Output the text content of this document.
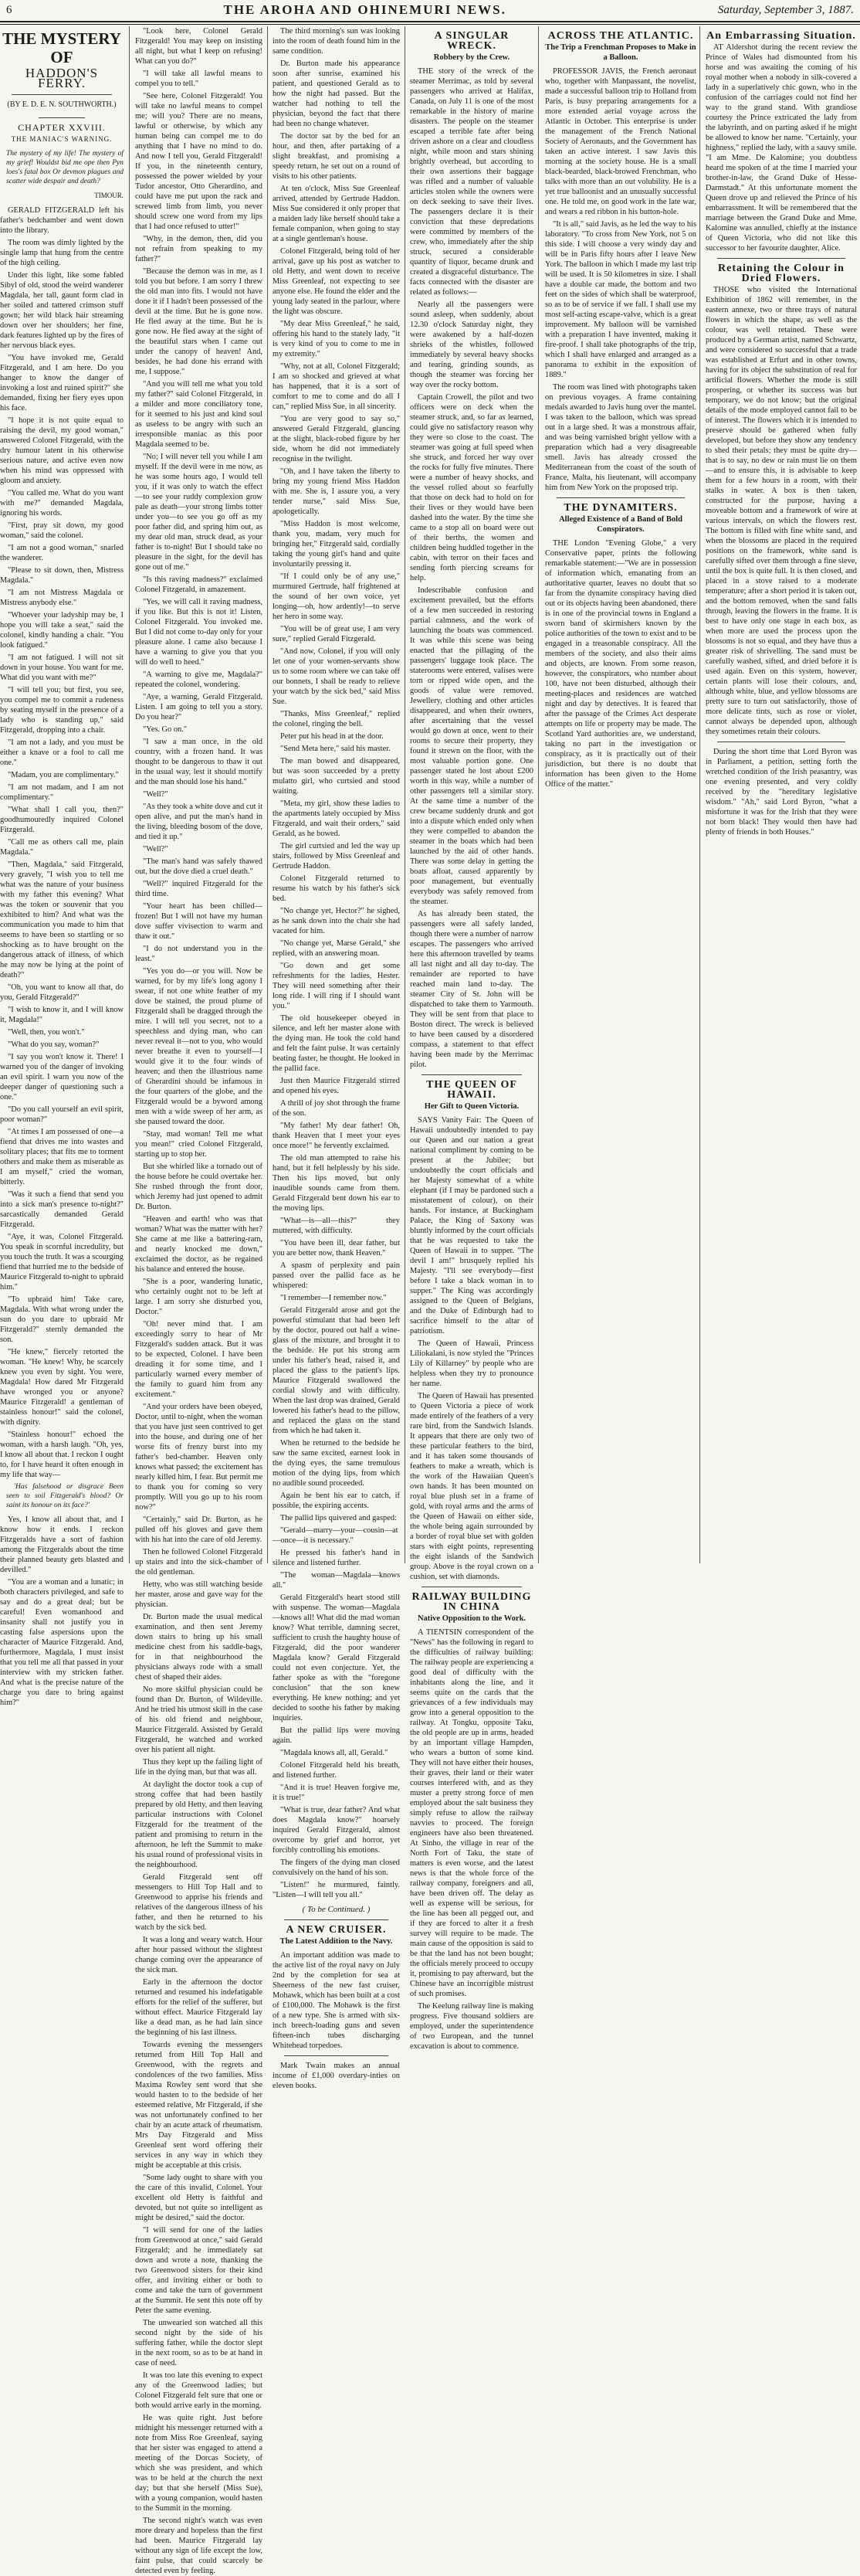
6	THE AROHA AND OHINEMURI NEWS.	Saturday, September 3, 1887.
THE MYSTERY OF
HADDON'S FERRY.
(BY E. D. E. N. SOUTHWORTH.)
CHAPTER XXVIII.
THE MANIAC'S WARNING.
The mystery of my life! The mystery of my grief! Wouldst bid me ope then Pyn loes's fatal box Or devmon plagues and scatter wide despair and death?
TIMOUR.

GERALD FITZGERALD left his father's bedchamber and went down into the library.

The room was dimly lighted by the single lamp that hung from the centre of the high ceiling.

Under this light, like some fabled Sibyl of old, stood the weird wanderer Magdala, her tall, gaunt form clad in her soiled and tattered crimson stuff gown; her wild black hair streaming down over her shoulders; her fine, dark features lighted up by the fires of her nervous black eyes.

"You have invoked me, Gerald Fitzgerald, and I am here. Do you hanger to know the danger of invoking a lost and ruined spirit?" she demanded, fixing her fiery eyes upon his face.

"I hope it is not quite equal to raising the devil, my good woman," answered Colonel Fitzgerald, with the dry humour latent in his otherwise serious nature, and active even now when his mind was oppressed with gloom and anxiety.

"You called me. What do you want with me?" demanded Magdala, ignoring his words.

"First, pray sit down, my good woman," said the colonel.

"I am not a good woman," snarled the wanderer.

"Please to sit down, then, Mistress Magdala."

"I am not Mistress Magdala or Mistress anybody else."

"Whoever your ladyship may be, I hope you will take a seat," said the colonel, kindly handing a chair. "You look fatigued."

"I am not fatigued. I will not sit down in your house. You want for me. What did you want with me?"

"I will tell you; but first, you see, you compel me to commit a rudeness by seating myself in the presence of a lady who is standing up," said Fitzgerald, dropping into a chair.

"I am not a lady, and you must be either a knave or a fool to call me one."

"Madam, you are complimentary."

"I am not madam, and I am not complimentary."

"What shall I call you, then?" goodhumouredly inquired Colonel Fitzgerald.

"Call me as others call me, plain Magdala."

"Then, Magdala," said Fitzgerald, very gravely, "I wish you to tell me what was the nature of your business with my father this evening? What was the token or souvenir that you exhibited to him? And what was the communication you made to him that seems to have been so startling or so shocking as to have brought on the dangerous attack of illness, of which he may now be lying at the point of death?"

"Oh, you want to know all that, do you, Gerald Fitzgerald?"

"I wish to know it, and I will know it, Magdala!"

"Well, then, you won't."

"What do you say, woman?"

"I say you won't know it. There! I warned you of the danger of invoking an evil spirit. I warn you now of the deeper danger of questioning such a one."

"Do you call yourself an evil spirit, poor woman?"

"At times I am possessed of one—a fiend that drives me into wastes and solitary places; that fits me to torment others and make them as miserable as I am myself," cried the woman, bitterly.

"Was it such a fiend that send you into a sick man's presence to-night?" sarcastically demanded Gerald Fitzgerald.

"Aye, it was, Colonel Fitzgerald. You speak in scornful incredulity, but you touch the truth. It was a scourging fiend that hurried me to the bedside of Maurice Fitzgerald to-night to upbraid him."

"To upbraid him! Take care, Magdala. With what wrong under the sun do you dare to upbraid Mr Fitzgerald?" sternly demanded the son.

"He knew," fiercely retorted the woman. "He knew! Why, he scarcely knew you even by sight. You were, Magdala! How dared Mr Fitzgerald have wronged you or anyone? Maurice Fitzgerald! a gentleman of stainless honour!" said the colonel, with dignity.

"Stainless honour!" echoed the woman, with a harsh laugh. "Oh, yes, I know all about that. I reckon I ought to, for I have heard it often enough in my life that way—

'Has falsehood or disgrace Been seen to soil Fitzgerald's blood? Or saint its honour on its face?'

Yes, I know all about that, and I know how it ends. I reckon Fitzgeralds have a sort of fashion among the Fitzgeralds about the time their planned beauty gets blasted and devilled."

"You are a woman and a lunatic; in both characters privileged, and safe to say and do a great deal; but be careful! Even womanhood and insanity shall not justify you in casting false aspersions upon the character of Maurice Fitzgerald. And, furthermore, Magdala, I must insist that you tell me all that passed in your interview with my stricken father. And what is the precise nature of the charge you dare to bring against him?"

"Look here, Colonel Gerald Fitzgerald! You may keep on insisting all night, but what I keep on refusing! What can you do?"

"I will take all lawful means to compel you to tell."

"See here, Colonel Fitzgerald! You will take no lawful means to compel me; will you? There are no means, lawful or otherwise, by which any human being can compel me to do anything that I have no mind to do. And now I tell you, Gerald Fitzgerald! If you, in the nineteenth century, possessed the power wielded by your Tudor ancestor, Otto Gherardino, and could have me put upon the rack and screwed limb from limb, you never should screw one word from my lips that I had once refused to utter!"

"Why, in the demon, then, did you not refrain from speaking to my father?"

"Because the demon was in me, as I told you but before. I am sorry I threw the old man into fits. I would not have done it if I hadn't been possessed of the devil at the time. But he is gone now. He fled away at the time. But he is gone now. He fled away at the sight of the beautiful stars when I came out under the canopy of heaven! And, besides, he had done his errand with me, I suppose."

"And you will tell me what you told my father?" said Colonel Fitzgerald, in a milder and more conciliatory tone, for it seemed to his just and kind soul as useless to be angry with such an irresponsible maniac as this poor Magdala seemed to be.

"No; I will never tell you while I am myself. If the devil were in me now, as he was some hours ago, I would tell you, if it was only to watch the effect—to see your ruddy complexion grow pale as death—your strong limbs totter under you—to see you go off as my poor father did, and spring him out, as my dear old man, struck dead, as your father is to-night! But I should take no pleasure in the sight, for the devil has gone out of me."

"Is this raving madness?" exclaimed Colonel Fitzgerald, in amazement.

"Yes, we will call it raving madness, if you like. But this is not it! Listen, Colonel Fitzgerald. You invoked me. But I did not come to-day only for your pleasure alone. I came also because I have a warning to give you that you will do well to heed."

"A warning to give me, Magdala?" repeated the colonel, wondering.

"Aye, a warning, Gerald Fitzgerald. Listen. I am going to tell you a story. Do you hear?"

"Yes. Go on."

"I saw a man once, in the old country, with a frozen hand. It was thought to be dangerous to thaw it out in the usual way, lest it should mortify and the man should lose his hand."

"Well?"

"As they took a white dove and cut it open alive, and put the man's hand in the living, bleeding bosom of the dove, and tied it up."

"Well?"

"The man's hand was safely thawed out, but the dove died a cruel death."

"Well?" inquired Fitzgerald for the third time.

"Your heart has been chilled—frozen! But I will not have my human dove suffer vivisection to warm and thaw it out."

"I do not understand you in the least."

"Yes you do—or you will. Now be warned, for by my life's long agony I swear, if not one white feather of my dove be stained, the proud plume of Fitzgerald shall be dragged through the mire. I will tell you secret, not to a speechless and dying man, who can never reveal it—not to you, who would never breathe it even to yourself—I would give it to the four winds of heaven; and then the illustrious name of Gherardini should be infamous in the four quarters of the globe, and the Fitzgerald would be a byword among men with a wide sweep of her arm, as she paused toward the door.

"Stay, mad woman! Tell me what you mean!" cried Colonel Fitzgerald, starting up to stop her.

But she whirled like a tornado out of the house before he could overtake her. She rushed through the front door, which Jeremy had just opened to admit Dr. Burton.

"Heaven and earth! who was that woman? What was the matter with her? She came at me like a battering-ram, and nearly knocked me down," exclaimed the doctor, as he regained his balance and entered the house.

"She is a poor, wandering lunatic, who certainly ought not to be left at large. I am sorry she disturbed you, Doctor."

"Oh! never mind that. I am exceedingly sorry to hear of Mr Fitzgerald's sudden attack. But it was to be expected, Colonel. I have been dreading it for some time, and I particularly warned every member of the family to guard him from any excitement."

"And your orders have been obeyed, Doctor, until to-night, when the woman that you have just seen contrived to get into the house, and during one of her worse fits of frenzy burst into my father's bed-chamber. Heaven only knows what passed; the excitement has nearly killed him, I fear. But permit me to thank you for coming so very promptly. Will you go up to his room now?"

"Certainly," said Dr. Burton, as he pulled off his gloves and gave them with his hat into the care of old Jeremy.

Then he followed Colonel Fitzgerald up stairs and into the sick-chamber of the old gentleman.

Hetty, who was still watching beside her master, arose and gave way for the physician.

Dr. Burton made the usual medical examination, and then sent Jeremy down stairs to bring up his small medicine chest from his saddle-bags, for in that neighbourhood the physicians always rode with a small chest of shaped their aides.

No more skilful physician could be found than Dr. Burton, of Wildeville. And he tried his utmost skill in the case of his old friend and neighbour, Maurice Fitzgerald. Assisted by Gerald Fitzgerald, he watched and worked over his patient all night.

Thus they kept up the failing light of life in the dying man, but that was all.

At daylight the doctor took a cup of strong coffee that had been hastily prepared by old Hetty, and then leaving particular instructions with Colonel Fitzgerald for the treatment of the patient and promising to return in the afternoon, he left the Summit to make his usual round of professional visits in the neighbourhood.

Gerald Fitzgerald sent off messengers to Hill Top Hall and to Greenwood to apprise his friends and relatives of the dangerous illness of his father, and then he returned to his watch by the sick bed.

It was a long and weary watch. Hour after hour passed without the slightest change coming over the appearance of the sick man.

Early in the afternoon the doctor returned and resumed his indefatigable efforts for the relief of the sufferer, but without effect. Maurice Fitzgerald lay like a dead man, as he had lain since the beginning of his last illness.

Towards evening the messengers returned from Hill Top Hall and Greenwood, with the regrets and condolences of the two families. Miss Maxima Rowley sent word that she would hasten to to the bedside of her esteemed relative, Mr Fitzgerald, if she was not unfortunately confined to her chair by an acute attack of rheumatism. Mrs Day Fitzgerald and Miss Greenleaf sent word offering their services in any way in which they might be acceptable at this crisis.

"Some lady ought to share with you the care of this invalid, Colonel. Your excellent old Hetty is faithful and devoted, but not quite so intelligent as might be desired," said the doctor.

"I will send for one of the ladies from Greenwood at once," said Gerald Fitzgerald; and he immediately sat down and wrote a note, thanking the two Greenwood sisters for their kind offer, and inviting either or both to come and take the turn of government at the Summit. He sent this note off by Peter the same evening.

The unwearied son watched all this second night by the side of his suffering father, while the doctor slept in the next room, so as to be at hand in case of need.

It was too late this evening to expect any of the Greenwood ladies; but Colonel Fitzgerald felt sure that one or both would arrive early in the morning.

He was quite right. Just before midnight his messenger returned with a note from Miss Roe Greenleaf, saying that her sister was engaged to attend a meeting of the Dorcas Society, of which she was president, and which was to be held at the church the next day; but that she herself (Miss Sue), with a young companion, would hasten to the Summit in the morning.

The second night's watch was even more dreary and hopeless than the first had been. Maurice Fitzgerald lay without any sign of life except the low, faint pulse, that could scarcely be detected even by feeling.

The third morning's sun was looking into the room of death found him in the same condition.

Dr. Burton made his appearance soon after sunrise, examined his patient, and questioned Gerald as to how the night had passed. But the watcher had nothing to tell the physician, beyond the fact that there had been no change whatever.

The doctor sat by the bed for an hour, and then, after partaking of a slight breakfast, and promising a speedy return, he set out on a round of visits to his other patients.

At ten o'clock, Miss Sue Greenleaf arrived, attended by Gertrude Haddon. Miss Sue considered it only proper that a maiden lady like herself should take a female companion, when going to stay at a single gentleman's house.

Colonel Fitzgerald, being told of her arrival, gave up his post as watcher to old Hetty, and went down to receive Miss Greenleaf, not expecting to see anyone else. He found the elder and the young lady seated in the parlour, where the light was obscure.

"My dear Miss Greenleaf," he said, offering his hand to the stately lady, "it is very kind of you to come to me in my extremity."

"Why, not at all, Colonel Fitzgerald; I am so shocked and grieved at what has happened, that it is a sort of comfort to me to come and do all I can," replied Miss Sue, in all sincerity.

"You are very good to say so," answered Gerald Fitzgerald, glancing at the slight, black-robed figure by her side, whom he did not immediately recognise in the twilight.

"Oh, and I have taken the liberty to bring my young friend Miss Haddon with me. She is, I assure you, a very tender nurse," said Miss Sue, apologetically.

"Miss Haddon is most welcome, thank you, madam, very much for bringing her," Fitzgerald said, cordially taking the young girl's hand and quite involuntarily pressing it.

"If I could only be of any use," murmured Gertrude, half frightened at the sound of her own voice, yet longing—oh, how ardently!—to serve her hero in some way.

"You will be of great use, I am very sure," replied Gerald Fitzgerald.

"And now, Colonel, if you will only let one of your women-servants show us to some room where we can take off our bonnets, I shall be ready to relieve your watch by the sick bed," said Miss Sue.

"Thanks, Miss Greenleaf," replied the colonel, ringing the bell.

Peter put his head in at the door.

"Send Meta here," said his master.

The man bowed and disappeared, but was soon succeeded by a pretty mulatto girl, who curtsied and stood waiting.

"Meta, my girl, show these ladies to the apartments lately occupied by Miss Fitzgerald, and wait their orders," said Gerald, as he bowed.

The girl curtsied and led the way up stairs, followed by Miss Greenleaf and Gertrude Haddon.

Colonel Fitzgerald returned to resume his watch by his father's sick bed.

"No change yet, Hector?" he sighed, as he sank down into the chair she had vacated for him.

"No change yet, Marse Gerald," she replied, with an answering moan.

"Go down and get some refreshments for the ladies, Hester. They will need something after their long ride. I will ring if I should want you."

The old housekeeper obeyed in silence, and left her master alone with the dying man. He took the cold hand and felt the faint pulse. It was certainly beating faster, he thought. He looked in the pallid face.

Just then Maurice Fitzgerald stirred and opened his eyes.

A thrill of joy shot through the frame of the son.

"My father! My dear father! Oh, thank Heaven that I meet your eyes once more!" he fervently exclaimed.

The old man attempted to raise his hand, but it fell helplessly by his side. Then his lips moved, but only inaudible sounds came from them. Gerald Fitzgerald bent down his ear to the moving lips.

"What—is—all—this?" they muttered, with difficulty.

"You have been ill, dear father, but you are better now, thank Heaven."

A spasm of perplexity and pain passed over the pallid face as he whispered:

"I remember—I remember now."

Gerald Fitzgerald arose and got the powerful stimulant that had been left by the doctor, poured out half a wine-glass of the mixture, and brought it to the bedside. He put his strong arm under his father's head, raised it, and placed the glass to the patient's lips. Maurice Fitzgerald swallowed the cordial slowly and with difficulty. When the last drop was drained, Gerald lowered his father's head to the pillow, and replaced the glass on the stand from which he had taken it.

When he returned to the bedside he saw the same excited, earnest look in the dying eyes, the same tremulous motion of the dying lips, from which no audible sound proceeded.

Again he bent his ear to catch, if possible, the expiring accents.

The pallid lips quivered and gasped:

"Gerald—marry—your—cousin—at—once—it is necessary."

He pressed his father's hand in silence and listened further.

"The woman—Magdala—knows all."

Gerald Fitzgerald's heart stood still with suspense. The woman—Magdala—knows all! What did the mad woman know? What terrible, damning secret, sufficient to crush the haughty house of Fitzgerald, did the poor wanderer Magdala know? Gerald Fitzgerald could not even conjecture. Yet, the father spoke as with the "foregone conclusion" that the son knew everything. He knew nothing; and yet decided to soothe his father by making inquiries.

But the pallid lips were moving again.

"Magdala knows all, all, Gerald."

Colonel Fitzgerald held his breath, and listened further.

"And it is true! Heaven forgive me, it is true!"

"What is true, dear father? And what does Magdala know?" hoarsely inquired Gerald Fitzgerald, almost overcome by grief and horror, yet forcibly controlling his emotions.

The fingers of the dying man closed convulsively on the hand of his son.

"Listen!" he murmured, faintly. "Listen—I will tell you all."

( To be Continued. )
A NEW CRUISER.
The Latest Addition to the Navy.

An important addition was made to the active list of the royal navy on July 2nd by the completion for sea at Sheerness of the new fast cruiser, Mohawk, which has been built at a cost of £100,000. The Mohawk is the first of a new type. She is armed with six-inch breech-loading guns and seven fifteen-inch tubes discharging Whitehead torpedoes.

Mark Twain makes an annual income of £1,000 overdary-inties on eleven books.

A SINGULAR WRECK.
Robbery by the Crew.

THE story of the wreck of the steamer Merrimac, as told by several passengers who arrived at Halifax, Canada, on July 11 is one of the most remarkable in the history of marine disasters. The people on the steamer escaped a terrible fate after being driven ashore on a clear and cloudless night, while moon and stars shining brightly overhead, but according to their own assertions their baggage was rifled and a number of valuable articles stolen while the owners were on deck seeking to save their lives. The passengers declare it is their conviction that these depredations were committed by members of the crew, who, immediately after the ship struck, secured a considerable quantity of liquor, became drunk and created a disgraceful disturbance. The facts connected with the disaster are related as follows:—

Nearly all the passengers were sound asleep, when suddenly, about 12.30 o'clock Saturday night, they were awakened by a half-dozen shrieks of the whistles, followed immediately by several heavy shocks and tearing, grinding sounds, as though the steamer was forcing her way over the rocky bottom.

Captain Crowell, the pilot and two officers were on deck when the steamer struck, and, so far as learned, could give no satisfactory reason why they were so close to the coast. The steamer was going at full speed when she struck, and forced her way over the rocks for fully five minutes. There were a number of heavy shocks, and the vessel rolled about so fearfully that those on deck had to hold on for their lives or they would have been dashed into the water. By the time she came to a stop all on board were out of their berths, the women and children being huddled together in the cabin, with terror on their faces and sending forth piercing screams for help.

Indescribable confusion and excitement prevailed, but the efforts of a few men succeeded in restoring partial calmness, and the work of launching the boats was commenced. It was while this scene was being enacted that the pillaging of the passengers' luggage took place. The staterooms were entered, valises were torn or ripped wide open, and the goods of value were removed. Jewellery, clothing and other articles disappeared, and when their owners, after ascertaining that the vessel would go down at once, went to their rooms to secure their property, they found it strewn on the floor, with the most valuable portion gone. One passenger stated he lost about £200 worth in this way, while a number of other passengers tell a similar story. At the same time a number of the crew became suddenly drunk and got into a dispute which ended only when they were compelled to abandon the steamer in the boats which had been launched by the aid of other hands. There was some delay in getting the boats afloat, caused apparently by poor management, but eventually everybody was safely removed from the steamer.

As has already been stated, the passengers were all safely landed, though there were a number of narrow escapes. The passengers who arrived here this afternoon travelled by teams all last night and all day to-day. The remainder are reported to have reached main land to-day. The steamer City of St. John will be dispatched to take them to Yarmouth. They will be sent from that place to Boston direct. The wreck is believed to have been caused by a disordered compass, a statement to that effect having been made by the Merrimac pilot.

THE QUEEN OF HAWAII.
Her Gift to Queen Victoria.

SAYS Vanity Fair: The Queen of Hawaii undoubtedly intended to pay our Queen and our nation a great national compliment by coming to be present at the Jubilee; but undoubtedly the court officials and her Majesty somewhat of a white elephant (if I may be pardoned such a misstatement of colour), on their hands. For instance, at Buckingham Palace, the King of Saxony was bluntly informed by the court officials that he was requested to take the Queen of Hawaii in to supper. "The devil I am!" brusquely replied his Majesty. "I'll see everybody—first before I take a black woman in to supper." The King was accordingly assigned to the Queen of Belgians, and the Duke of Edinburgh had to sacrifice himself to the altar of patriotism.

The Queen of Hawaii, Princess Liliokalani, is now styled the "Princes Lily of Killarney" by people who are helpless when they try to pronounce her name.

The Queen of Hawaii has presented to Queen Victoria a piece of work made entirely of the feathers of a very rare bird, from the Sandwich Islands. It appears that there are only two of these particular feathers to the bird, and it has taken some thousands of feathers to make a wreath, which is the work of the Hawaiian Queen's own hands. It has been mounted on royal blue plush set in a frame of gold, with royal arms and the arms of the Queen of Hawaii on either side, the whole being again surrounded by a border of royal blue set with golden stars with eight points, representing the eight islands of the Sandwich group. Above is the royal crown on a cushion, set with diamonds.

RAILWAY BUILDING IN CHINA
Native Opposition to the Work.

A TIENTSIN correspondent of the "News" has the following in regard to the difficulties of railway building: The railway people are experiencing a good deal of difficulty with the inhabitants along the line, and it seems quite on the cards that the grievances of a few individuals may grow into a general opposition to the railway. At Tongku, opposite Taku, the old people are up in arms, headed by an important village Hampden, who wears a button of some kind. They will not have either their houses, their graves, their land or their water courses interfered with, and as they muster a pretty strong force of men employed about the salt business they simply refuse to allow the railway navvies to proceed. The foreign engineers have also been threatened. At Sinho, the village in rear of the North Fort of Taku, the state of matters is even worse, and the latest news is that the whole force of the railway company, foreigners and all, have been driven off. The delay as well as expense will be serious, for the line has been all pegged out, and if they are forced to alter it a fresh survey will require to be made. The main cause of the opposition is said to be that the land has not been bought; the officials merely proceed to occupy it, promising to pay afterward, but the Chinese have an incorrigible mistrust of such promises.

The Keelung railway line is making progress. Five thousand soldiers are employed, under the superintendence of two European, and the tunnel excavation is about to commence.

ACROSS THE ATLANTIC.
The Trip a Frenchman Proposes to Make in a Balloon.

PROFESSOR JAVIS, the French aeronaut who, together with Manpassant, the novelist, made a successful balloon trip to Holland from Paris, is busy preparing arrangements for a more extended aerial voyage across the Atlantic in October. This enterprise is under the management of the French National Society of Aeronauts, and the Government has taken an active interest. I saw Javis this morning at the society house. He is a small black-bearded, black-browed Frenchman, who talks with more than an out volubility. He is a yet true balloonist and an unusually successful one. He told me, on good work in the late war, and wears a red ribbon in his button-hole.

"It is all," said Javis, as he led the way to his laboratory. "To cross from New York, not 5 on this side. I will choose a very windy day and will be in Paris fifty hours after I leave New York. The balloon in which I made my last trip will be used. It is 50 kilometres in size. I shall have a double car made, the bottom and two feet on the sides of which shall be waterproof, so as to be of service if we fall. I shall use my most self-acting escape-valve, which is a great improvement. My balloon will be varnished with a preparation I have invented, making it fire-proof. I shall take photographs of the trip, which I shall have enlarged and arranged as a panorama to exhibit in the exposition of 1889."

The room was lined with photographs taken on previous voyages. A frame containing medals awarded to Javis hung over the mantel. I was taken to the balloon, which was spread out in a large shed. It was a monstrous affair, and was being varnished bright yellow with a preparation which had a very disagreeable smell. Javis has already crossed the Mediterranean from the coast of the south of France, Malta, his lieutenant, will accompany him from New York on the proposed trip.

THE DYNAMITERS.
Alleged Existence of a Band of Bold Conspirators.

THE London "Evening Globe," a very Conservative paper, prints the following remarkable statement:—"We are in possession of information which, emanating from an authoritative quarter, leaves no doubt that so far from the dynamite conspiracy having died out or its objects having been abandoned, there is in one of the provincial towns in England a sworn band of skirmishers known by the police authorities of the town to exist and to be engaged in a treasonable conspiracy. All the members of the society, and also their aims and objects, are known. From some reason, however, the conspirators, who number about 100, have not been disturbed, although their meeting-places and residences are watched night and day by detectives. It is feared that after the passage of the Crimes Act desperate attempts on life or property may be made. The Scotland Yard authorities are, we understand, taking no part in the investigation or conspiracy, as it is practically out of their jurisdiction, but there is no doubt that information has been given to the Home Office of the matter."

An Embarrassing Situation.

AT Aldershot during the recent review the Prince of Wales had dismounted from his horse and was awaiting the coming of his royal mother when a nobody in silk-covered a lady in a superlatively chic gown, who in the confusion of the carriages could not find her way to the grand stand. With grandiose courtesy the Prince extricated the lady from the labyrinth, and on parting asked if he might be allowed to know her name. "Certainly, your highness," replied the lady, with a sauvy smile. "I am Mme. De Kalomine; you doubtless heard me spoken of at the time I married your brother-in-law, the Grand Duke of Hesse-Darmstadt." At this unfortunate moment the Queen drove up and relieved the Prince of his embarrassment. It will be remembered that the marriage between the Grand Duke and Mme. Kalomine was annulled, chiefly at the instance of Queen Victoria, who did not like this successor to her favourite daughter, Alice.

Retaining the Colour in Dried Flowers.

THOSE who visited the International Exhibition of 1862 will remember, in the eastern annexe, two or three trays of natural flowers in which the shape, as well as the colour, was well retained. These were produced by a German artist, named Schwartz, and were considered so successful that a trade was established at Erfurt and in other towns, having for its object the substitution of real for artificial flowers. Whether the mode is still prospering, or whether its success was but temporary, we do not know; but the original details of the mode employed cannot fail to be of interest. The flowers which it is intended to preserve should be gathered when fully developed, but before they show any tendency to shed their petals; they must be quite dry—that is to say, no dew or rain must lie on them—and to ensure this, it is advisable to keep them for a few hours in a room, with their stalks in water. A box is then taken, constructed for the purpose, having a moveable bottom and a framework of wire at various intervals, on which the flowers rest. The bottom is filled with fine white sand, and when the blossoms are placed in the required positions on the framework, white sand is carefully sifted over them through a fine sieve, until the box is quite full. It is then closed, and placed in a stove raised to a moderate temperature; after a short period it is taken out, and the bottom removed, when the sand falls through, leaving the flowers in the frame. It is best to have only one stage in each box, as when more are used the process upon the blossoms is not so equal, and they have thus a greater risk of shrivelling. The sand must be carefully washed, sifted, and dried before it is used again. Even on this system, however, certain plants will lose their colours, and, although white, blue, and yellow blossoms are pretty sure to turn out satisfactorily, those of more delicate tints, such as rose or violet, cannot always be depended upon, although they sometimes retain their colours.

During the short time that Lord Byron was in Parliament, a petition, setting forth the wretched condition of the Irish peasantry, was one evening presented, and very coldly received by the "hereditary legislative wisdom." "Ah," said Lord Byron, "what a misfortune it was for the Irish that they were not born black! They would then have had plenty of friends in both Houses."
